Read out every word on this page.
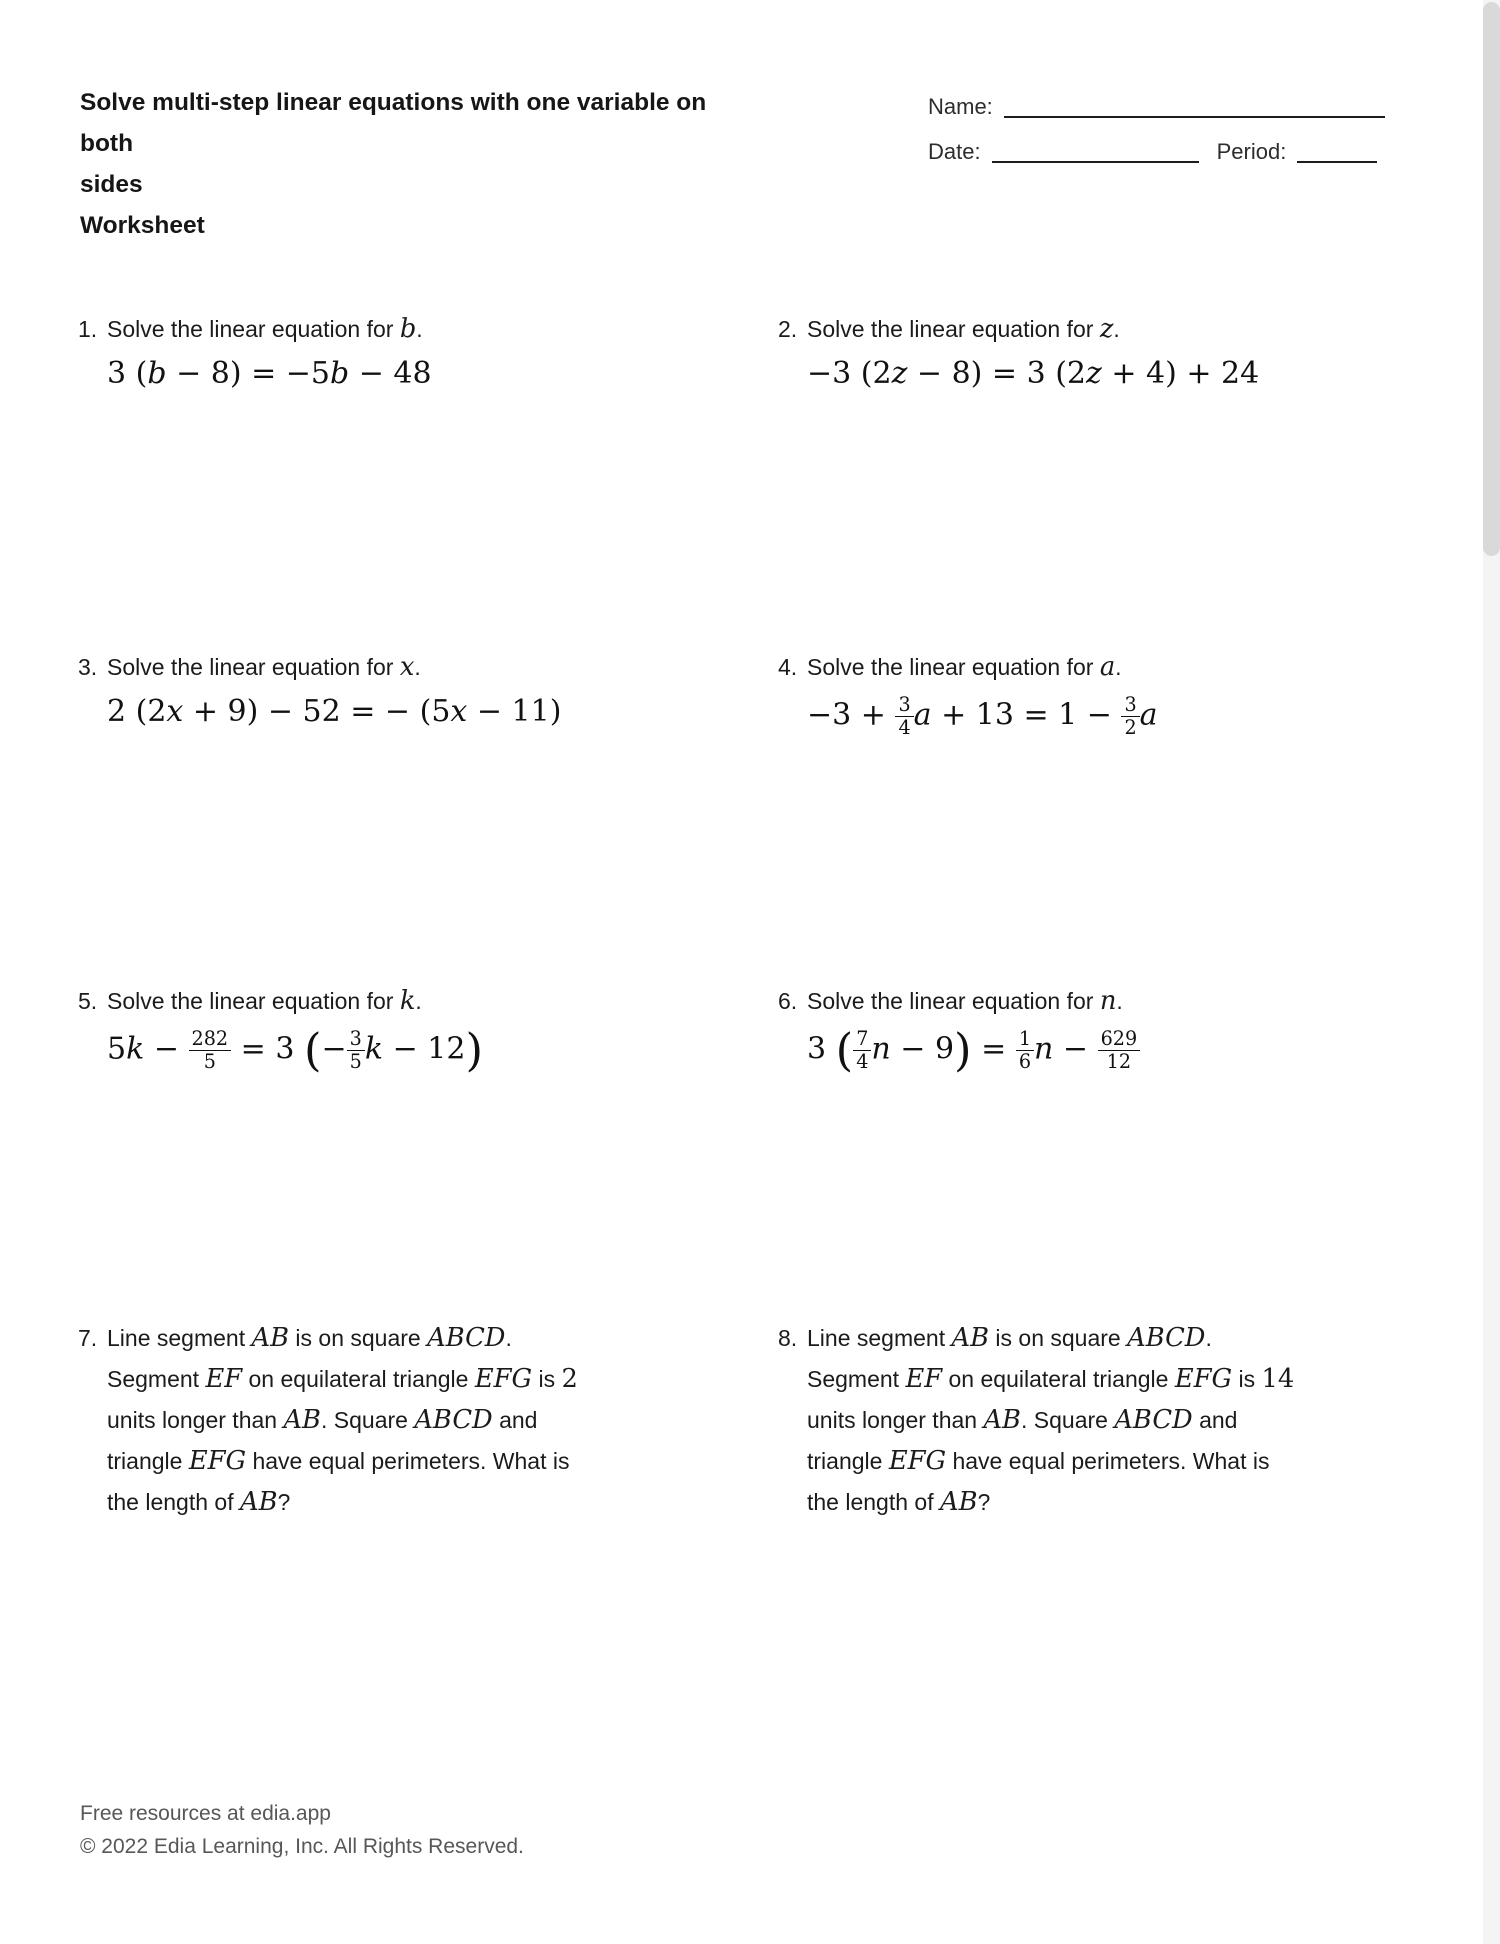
Solve multi-step linear equations with one variable on both
sides
Worksheet
Name:
Date:	Period:
1. Solve the linear equation for b.
3 (b − 8) = −5b − 48
2. Solve the linear equation for z.
−3 (2z − 8) = 3 (2z + 4) + 24
3. Solve the linear equation for x.
2 (2x + 9) − 52 = − (5x − 11)
4. Solve the linear equation for a.
$-3 + \frac{3}{4}$ $a + 13 = 1 - \frac{3}{2}$ a
5. Solve the linear equation for k.
$5k - \frac{282}{5} = 3$ (− $\frac{3}{5}$ k − 12)
6. Solve the linear equation for n.
3 ( $\frac{7}{4}$ $n - 9) = \frac{1}{6}$ $n - \frac{629}{12}$
7. Line segment AB is on square ABCD.
Segment EF on equilateral triangle EFG is 2
units longer than AB. Square ABCD and
triangle EFG have equal perimeters. What is
the length of AB?
8. Line segment AB is on square ABCD.
Segment EF on equilateral triangle EFG is 14
units longer than AB. Square ABCD and
triangle EFG have equal perimeters. What is
the length of AB?
Free resources at edia.app
© 2022 Edia Learning, Inc. All Rights Reserved.
